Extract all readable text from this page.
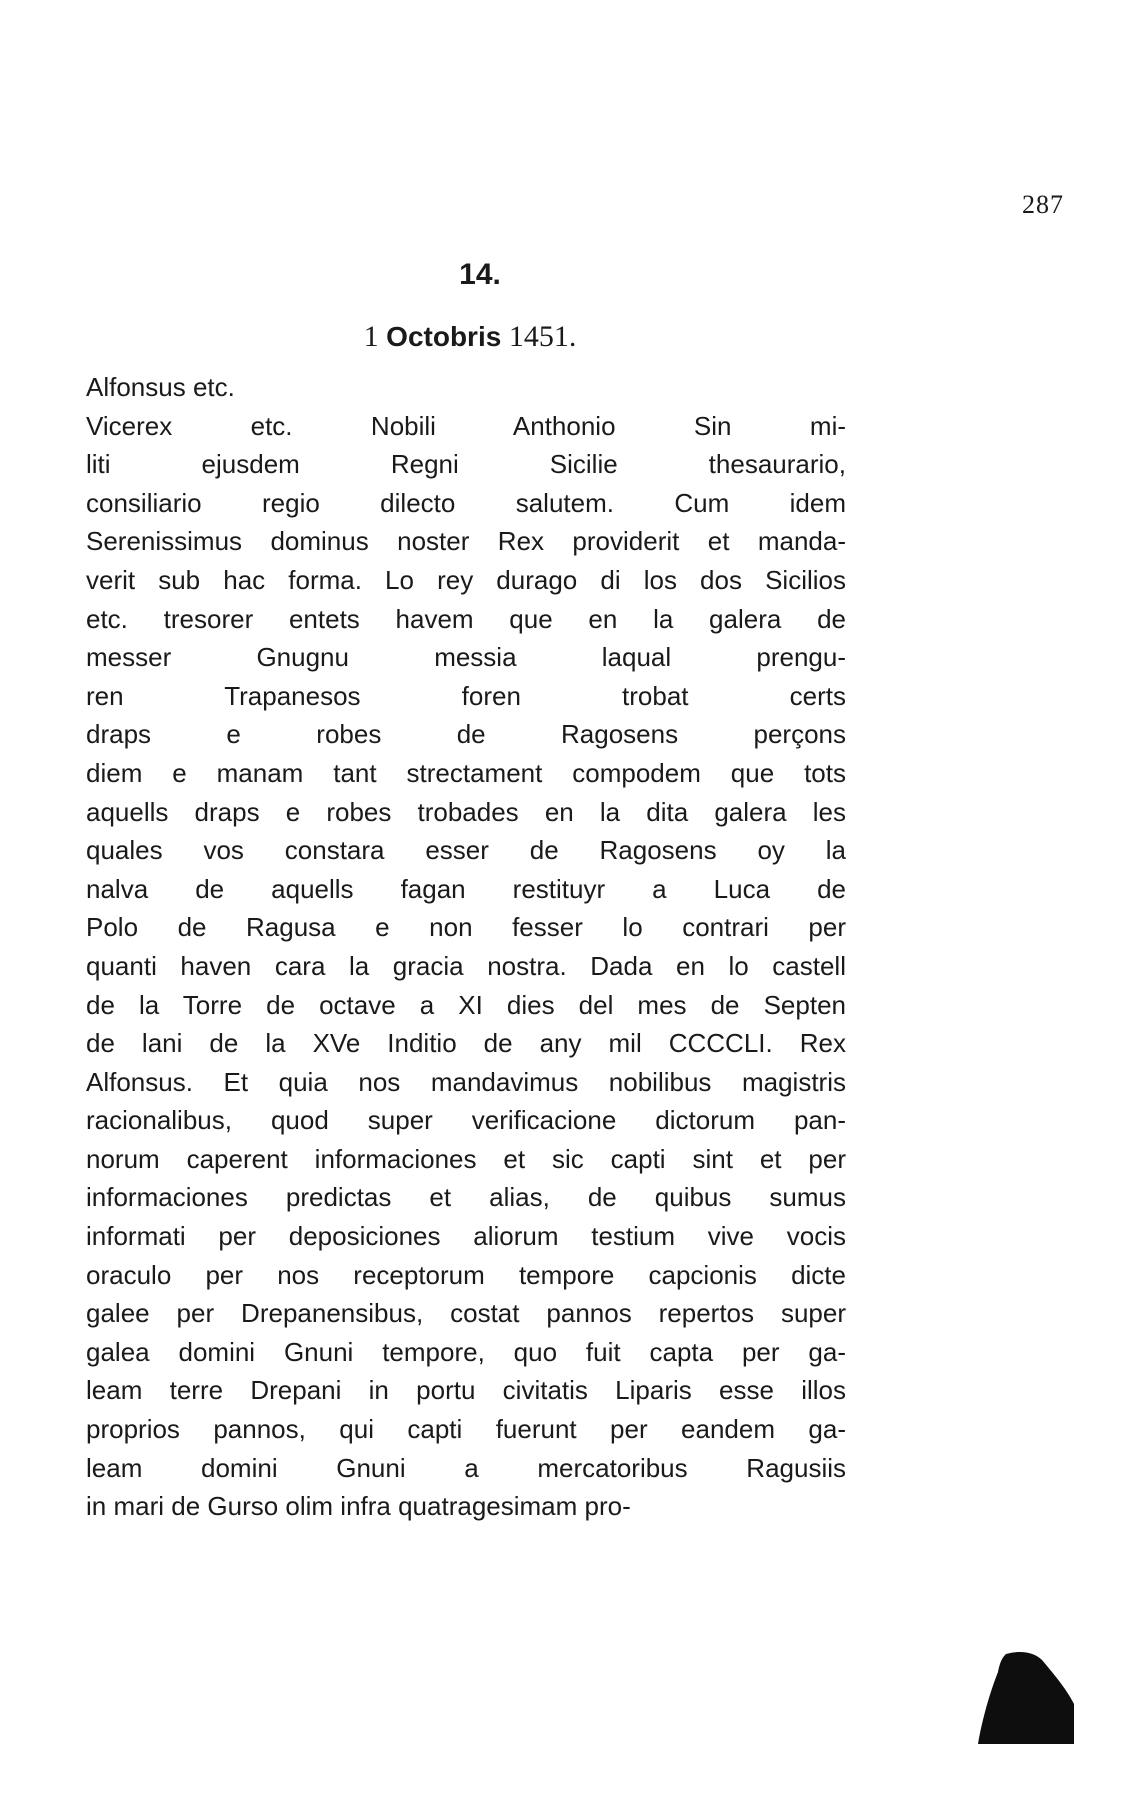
287
14.
1 Octobris 1451.
Alfonsus etc.
Vicerex etc. Nobili Anthonio Sin mi-
liti ejusdem Regni Sicilie thesaurario,
consiliario regio dilecto salutem. Cum idem
Serenissimus dominus noster Rex providerit et manda-
verit sub hac forma. Lo rey durago di los dos Sicilios
etc. tresorer entets havem que en la galera de
messer Gnugnu messia laqual prengu-
ren Trapanesos foren trobat certs
draps e robes de Ragosens perçons
diem e manam tant strectament compodem que tots
aquells draps e robes trobades en la dita galera les
quales vos constara esser de Ragosens oy la
nalva de aquells fagan restituyr a Luca de
Polo de Ragusa e non fesser lo contrari per
quanti haven cara la gracia nostra. Dada en lo castell
de la Torre de octave a XI dies del mes de Septen
de lani de la XVe Inditio de any mil CCCCLI. Rex
Alfonsus. Et quia nos mandavimus nobilibus magistris
racionalibus, quod super verificacione dictorum pan-
norum caperent informaciones et sic capti sint et per
informaciones predictas et alias, de quibus sumus
informati per deposiciones aliorum testium vive vocis
oraculo per nos receptorum tempore capcionis dicte
galee per Drepanensibus, costat pannos repertos super
galea domini Gnuni tempore, quo fuit capta per ga-
leam terre Drepani in portu civitatis Liparis esse illos
proprios pannos, qui capti fuerunt per eandem ga-
leam domini Gnuni a mercatoribus Ragusiis
in mari de Gurso olim infra quatragesimam pro-
